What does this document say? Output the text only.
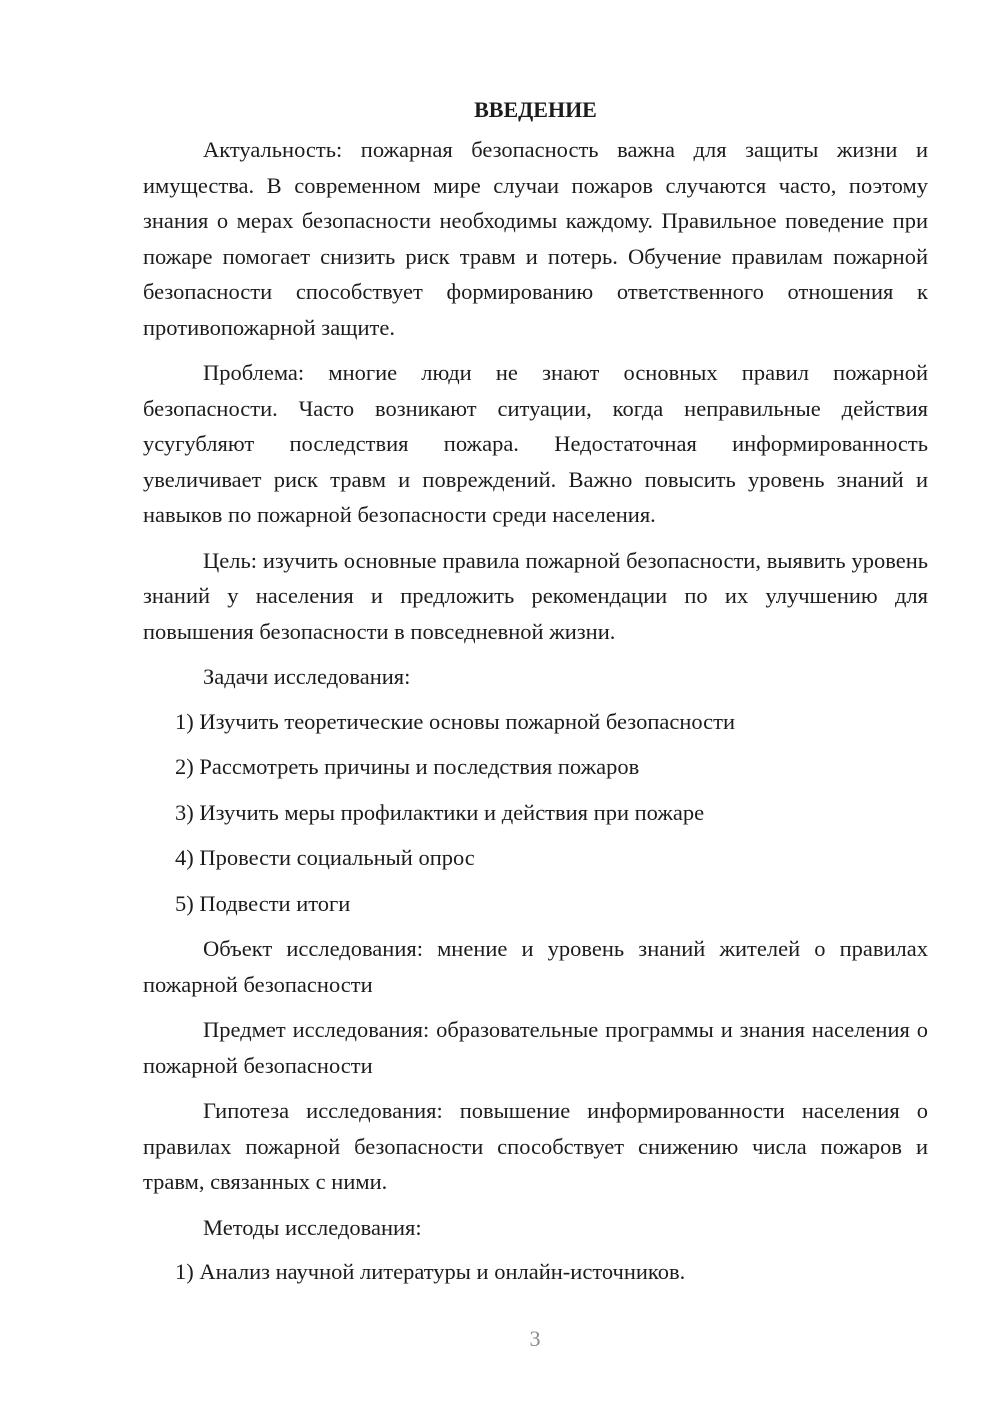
ВВЕДЕНИЕ

Актуальность: пожарная безопасность важна для защиты жизни и имущества. В современном мире случаи пожаров случаются часто, поэтому знания о мерах безопасности необходимы каждому. Правильное поведение при пожаре помогает снизить риск травм и потерь. Обучение правилам пожарной безопасности способствует формированию ответственного отношения к противопожарной защите.

Проблема: многие люди не знают основных правил пожарной безопасности. Часто возникают ситуации, когда неправильные действия усугубляют последствия пожара. Недостаточная информированность увеличивает риск травм и повреждений. Важно повысить уровень знаний и навыков по пожарной безопасности среди населения.

Цель: изучить основные правила пожарной безопасности, выявить уровень знаний у населения и предложить рекомендации по их улучшению для повышения безопасности в повседневной жизни.

Задачи исследования:

1) Изучить теоретические основы пожарной безопасности
2) Рассмотреть причины и последствия пожаров
3) Изучить меры профилактики и действия при пожаре
4) Провести социальный опрос
5) Подвести итоги

Объект исследования: мнение и уровень знаний жителей о правилах пожарной безопасности

Предмет исследования: образовательные программы и знания населения о пожарной безопасности

Гипотеза исследования: повышение информированности населения о правилах пожарной безопасности способствует снижению числа пожаров и травм, связанных с ними.

Методы исследования:

1) Анализ научной литературы и онлайн-источников.
3
